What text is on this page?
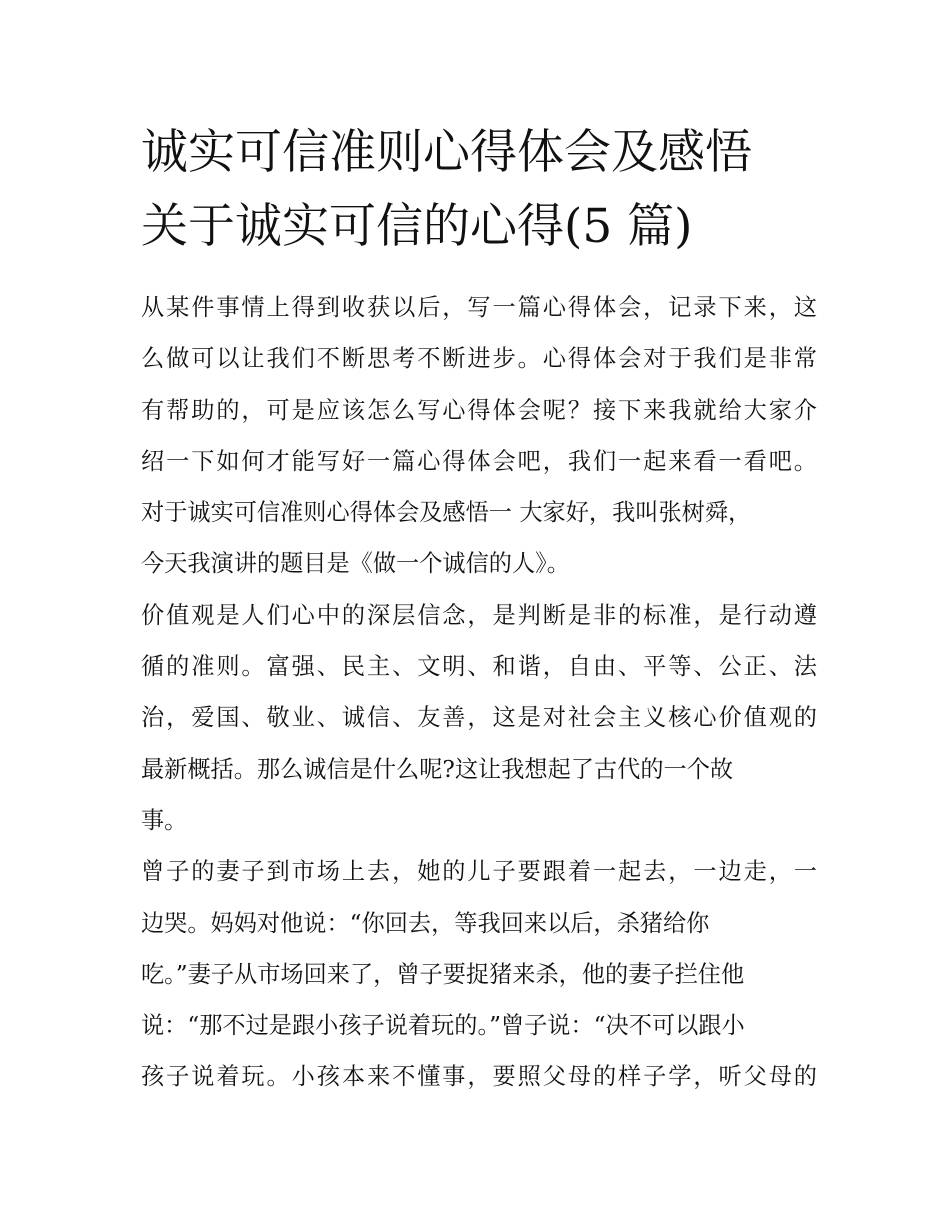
诚实可信准则心得体会及感悟
关于诚实可信的心得(5 篇)
从某件事情上得到收获以后，写一篇心得体会，记录下来，这
么做可以让我们不断思考不断进步。心得体会对于我们是非常
有帮助的，可是应该怎么写心得体会呢？接下来我就给大家介
绍一下如何才能写好一篇心得体会吧，我们一起来看一看吧。
对于诚实可信准则心得体会及感悟一 大家好，我叫张树舜，
今天我演讲的题目是《做一个诚信的人》。
价值观是人们心中的深层信念，是判断是非的标准，是行动遵
循的准则。富强、民主、文明、和谐，自由、平等、公正、法
治，爱国、敬业、诚信、友善，这是对社会主义核心价值观的
最新概括。那么诚信是什么呢?这让我想起了古代的一个故
事。
曾子的妻子到市场上去，她的儿子要跟着一起去，一边走，一
边哭。妈妈对他说：“你回去，等我回来以后，杀猪给你
吃。”妻子从市场回来了，曾子要捉猪来杀，他的妻子拦住他
说：“那不过是跟小孩子说着玩的。”曾子说：“决不可以跟小
孩子说着玩。小孩本来不懂事，要照父母的样子学，听父母的
